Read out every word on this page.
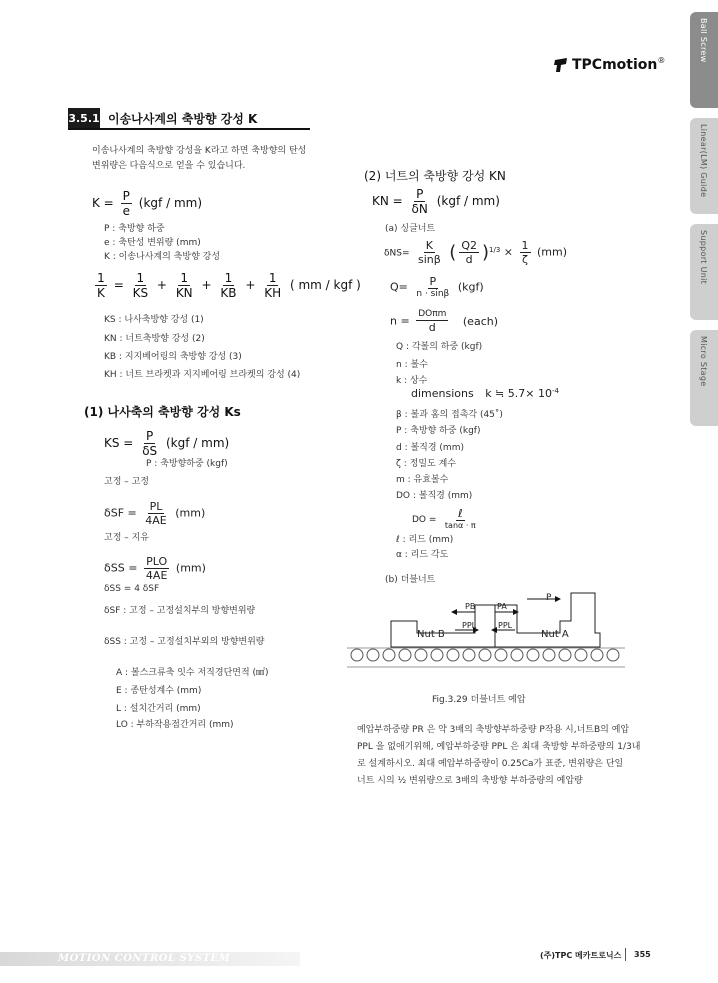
Ball Screw
Linear(LM) Guide
Support Unit
Micro Stage
TPCmotion ®
3.5.1 이송나사계의 축방향 강성 K
이송나사계의 축방향 강성을 K라고 하면 축방향의 탄성
변위량은 다음식으로 얻을 수 있습니다.
$K = \frac{P}{e} (kgf / mm)$
P : 축방향 하중
e : 축탄성 변위량 (mm)
K : 이송나사계의 축방향 강성
$\frac{1}{K} = \frac{1}{KS} + \frac{1}{KN} + \frac{1}{KB} + \frac{1}{KH}$ ( mm / kgf )
KS : 나사축방향 강성 (1)
KN : 너트축방향 강성 (2)
KB : 지지베어링의 축방향 강성 (3)
KH : 너트 브라켓과 지지베어링 브라켓의 강성 (4)
(1) 나사축의 축방향 강성 Ks
KS = $\frac{P}{\delta S} (kgf / mm)$
P : 축방향하중 (kgf)
고정 – 고정
$\delta SF = \frac{PL}{4AE} (mm)$
고정 – 지유
$\delta SS = \frac{\text{PLO}}{4AE} (mm)$
δSS = 4 δSF
δSF : 고정 – 고정설치부의 방향변위량
δSS : 고정 – 고정설치부외의 방향변위량
A : 볼스크류축 잇수 저직경단면적 (㎟)
E : 종탄성계수 (mm)
L : 설치간거리 (mm)
LO : 부하작용점간거리 (mm)
(2) 너트의 축방향 강성 KN
KN = $\frac{P}{\delta N} (kgf / mm)$
(a) 싱글너트
$\delta NS= \frac{K}{\sin\beta}$ ( $\frac{Q2}{d} )^{1/3} \times \frac{1}{\zeta} (mm)$
$Q= \frac{P}{n \cdot \sin\beta} (kgf)$
$n = \frac{\text{DOπm}}{d}$ (each)
Q : 각볼의 하중 (kgf)
n : 볼수
k : 상수
dimensions k ≒ $5.7\times 10^{-4}$
β : 볼과 홈의 접촉각 (45˚)
P : 축방향 하중 (kgf)
d : 볼직경 (mm)
ζ : 정밀도 계수
m : 유효볼수
DO : 볼직경 (mm)
DO = $\frac{\text{ℓ}}{\tan\alpha \cdot \pi}$
ℓ : 리드 (mm)
α : 리드 각도
(b) 더블너트
P
PB	PA
PPL	PPL
Nut B	Nut A
Fig.3.29 더블너트 예압
예압부하중량 PR 은 약 3배의 축방향부하중량 P작용 시,너트B의 예압
PPL 을 없애기위해, 예압부하중량 PPL 은 최대 축방향 부하중량의 1/3내
로 설계하시오. 최대 예압부하중량이 0.25Ca가 표준, 변위량은 단일
너트 시의 ½ 변위량으로 3배의 축방향 부하중량의 예압량
MOTION CONTROL SYSTEM	(주)TPC 메카트로닉스 355
